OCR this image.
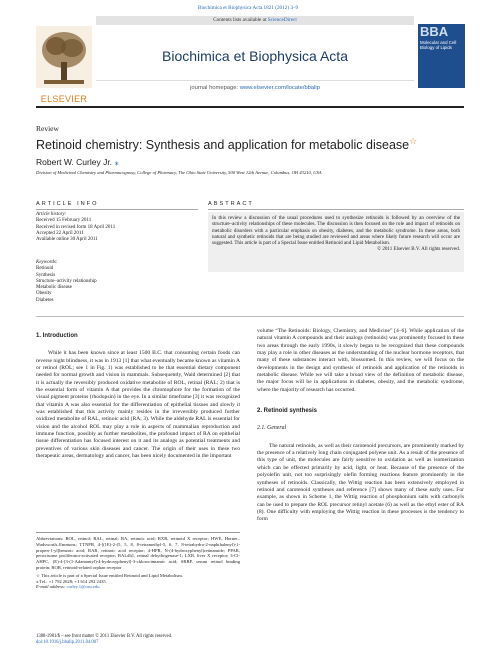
Biochimica et Biophysica Acta 1821 (2012) 3–9
Contents lists available at ScienceDirect
ELSEVIER
Biochimica et Biophysica Acta
journal homepage: www.elsevier.com/locate/bbalip
BBA
Molecular and Cell Biology of Lipids
Review
Retinoid chemistry: Synthesis and application for metabolic disease☆
Robert W. Curley Jr. ⁎
Division of Medicinal Chemistry and Pharmacognosy, College of Pharmacy, The Ohio State University, 500 West 12th Avenue, Columbus, OH 43210, USA
ARTICLE INFO	ABSTRACT
Article history:
Received 15 February 2011
Received in revised form 18 April 2011
Accepted 22 April 2011
Available online 30 April 2011
Keywords:
Retinoid
Synthesis
Structure–activity relationship
Metabolic disease
Obesity
Diabetes
In this review a discussion of the usual procedures used to synthesize retinoids is followed by an overview of the structure–activity relationships of these molecules. The discussion is then focused on the role and impact of retinoids on metabolic disorders with a particular emphasis on obesity, diabetes, and the metabolic syndrome. In these areas, both natural and synthetic retinoids that are being studied are reviewed and areas where likely future research will occur are suggested. This article is part of a Special Issue entitled Retinoid and Lipid Metabolism.
© 2011 Elsevier B.V. All rights reserved.
1. Introduction
While it has been known since at least 1500 B.C. that consuming certain foods can reverse night blindness, it was in 1913 [1] that what eventually became known as vitamin A or retinol (ROL; see 1 in Fig. 1) was established to be that essential dietary component needed for normal growth and vision in mammals. Subsequently, Wald determined [2] that it is actually the reversibly produced oxidative metabolite of ROL, retinal (RAL; 2) that is the essential form of vitamin A that provides the chromophore for the formation of the visual pigment proteins (rhodopsin) in the eye. In a similar timeframe [3] it was recognized that vitamin A was also essential for the differentiation of epithelial tissues and slowly it was established that this activity mainly resides in the irreversibly produced further oxidized metabolite of RAL, retinoic acid (RA; 3). While the aldehyde RAL is essential for vision and the alcohol ROL may play a role in aspects of mammalian reproduction and immune function, possibly as further metabolites, the profound impact of RA on epithelial tissue differentiation has focused interest on it and its analogs as potential treatments and preventives of various skin diseases and cancer. The origin of their uses in these two therapeutic areas, dermatology and cancer, has been nicely documented in the important
volume “The Retinoids: Biology, Chemistry, and Medicine” [4–6]. While application of the natural vitamin A compounds and their analogs (retinoids) was prominently focused in these two areas through the early 1990s, it slowly began to be recognized that these compounds may play a role in other diseases as the understanding of the nuclear hormone receptors, that many of these substances interact with, blossomed. In this review, we will focus on the developments in the design and synthesis of retinoids and application of the retinoids in metabolic disease. While we will take a broad view of the definition of metabolic disease, the major focus will be in applications in diabetes, obesity, and the metabolic syndrome, where the majority of research has occurred.
2. Retinoid synthesis
2.1. General
The natural retinoids, as well as their carotenoid precursors, are prominently marked by the presence of a relatively long chain conjugated polyene unit. As a result of the presence of this type of unit, the molecules are fairly sensitive to oxidation as well as isomerization which can be effected primarily by acid, light, or heat. Because of the presence of the polyolefin unit, not too surprisingly olefin forming reactions feature prominently in the syntheses of retinoids. Classically, the Wittig reaction has been extensively employed in retinoid and carotenoid syntheses and reference [7] shows many of these early uses. For example, as shown in Scheme 1, the Wittig reaction of phosphonium salts with carbonyls can be used to prepare the ROL precursor retinyl acetate (6) as well as the ethyl ester of RA (8). One difficulty with employing the Wittig reaction in these processes is the tendency to form
Abbreviations: ROL, retinol; RAL, retinal; RA, retinoic acid; RXR, retinoid X receptor; HWE, Horner–Wadsworth–Emmons; TTNPB, 4-[(1E)-2-(5, 5, 8, 8-tetramethyl-5, 6, 7, 8-tetrahydro-2-naphthalenyl)-1-propen-1-yl]benzoic acid; RAR, retinoic acid receptor; 4-HPR, N-(4-hydroxyphenyl)retinamide; PPAR, peroxisome proliferator-activated receptor; RALdh1, retinal dehydrogenase-1; LXR, liver X receptor; 3-Cl-AHPC, (E)-4-[3-(1-Adamantyl)-4-hydroxyphenyl]-3-chlorocinnamic acid; SRBP, serum retinol binding protein; ROR, retinoid-related orphan receptor
☆ This article is part of a Special Issue entitled Retinoid and Lipid Metabolism.
⁎ Tel.: +1 792 2628; +1 614 292 2435.
E-mail address: curley.1@osu.edu
1388-1981/$ – see front matter © 2011 Elsevier B.V. All rights reserved.
doi:10.1016/j.bbalip.2011.04.007
